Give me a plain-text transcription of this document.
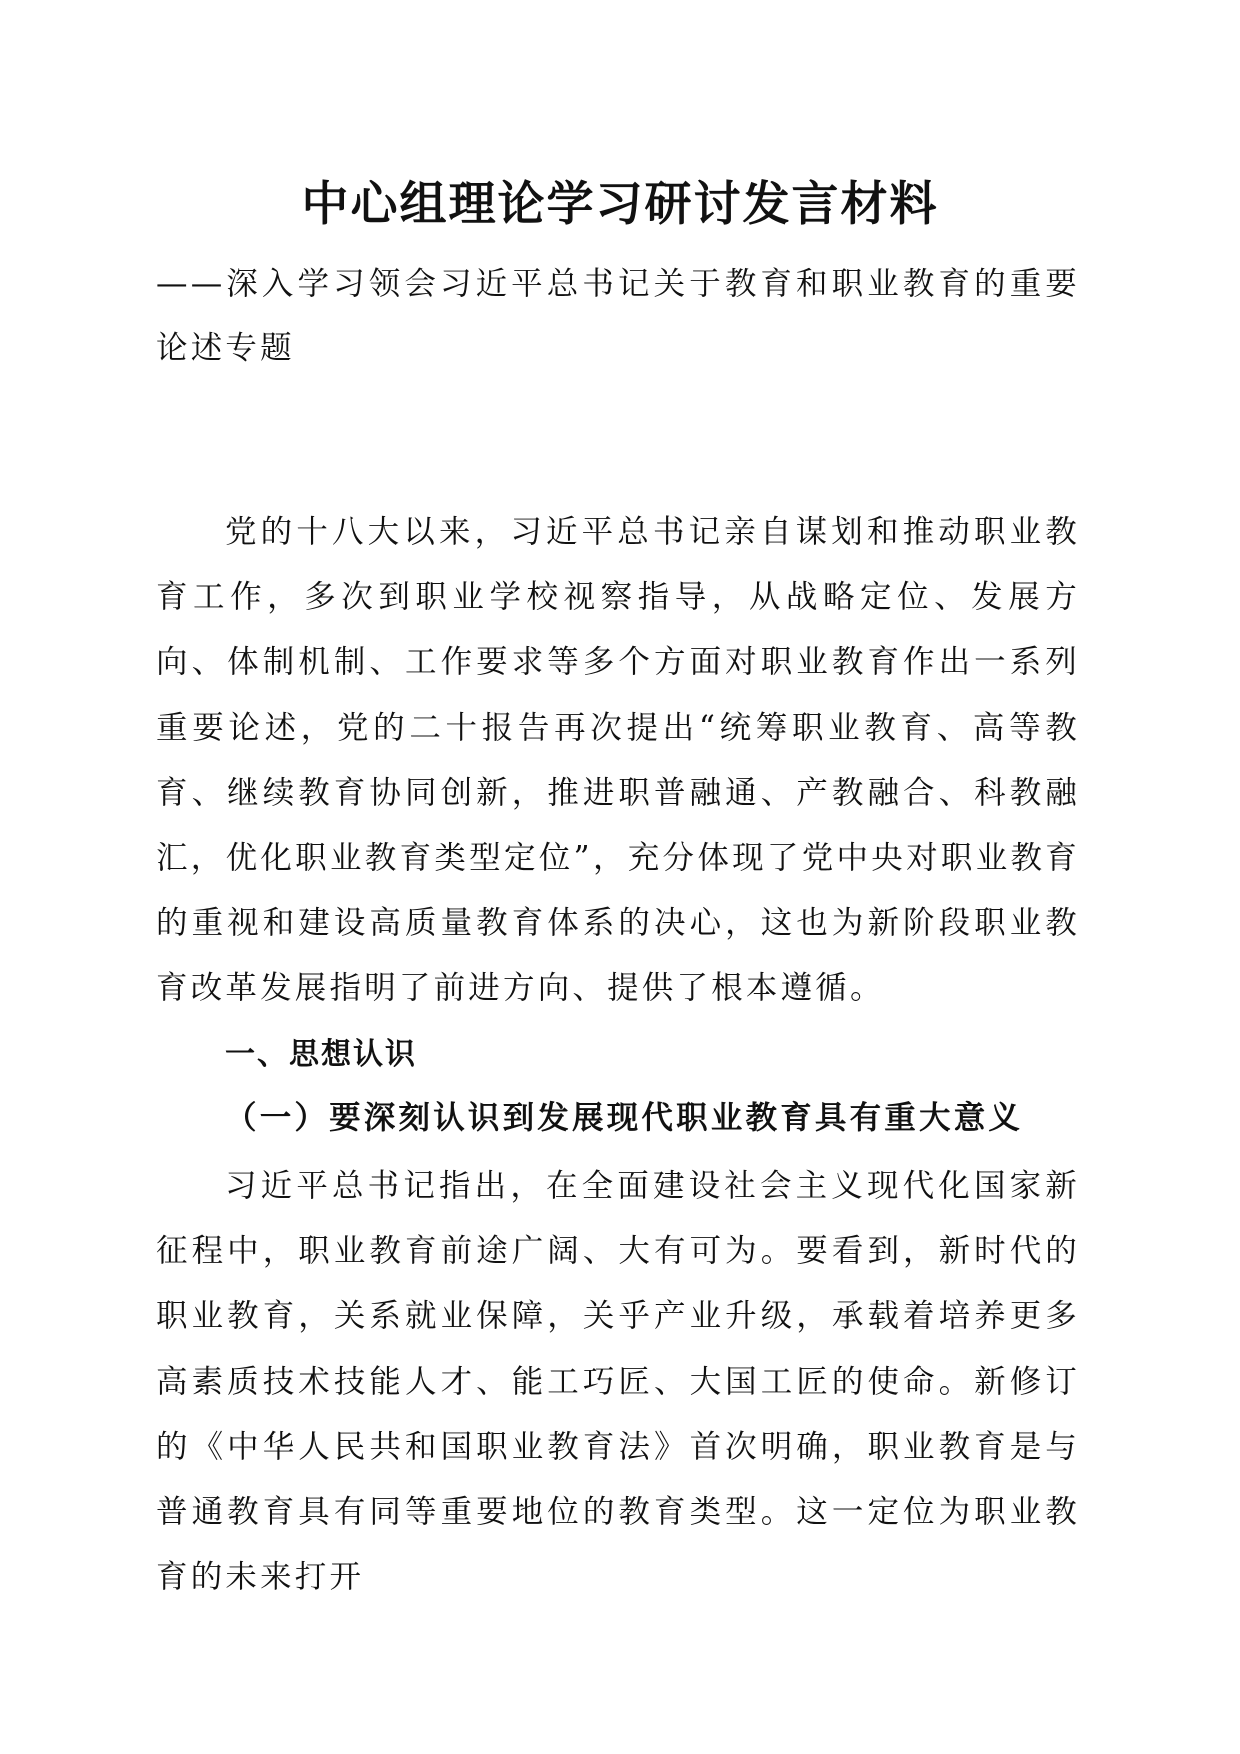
中心组理论学习研讨发言材料

——深入学习领会习近平总书记关于教育和职业教育的重要论述专题

党的十八大以来，习近平总书记亲自谋划和推动职业教育工作，多次到职业学校视察指导，从战略定位、发展方向、体制机制、工作要求等多个方面对职业教育作出一系列重要论述，党的二十报告再次提出“统筹职业教育、高等教育、继续教育协同创新，推进职普融通、产教融合、科教融汇，优化职业教育类型定位”，充分体现了党中央对职业教育的重视和建设高质量教育体系的决心，这也为新阶段职业教育改革发展指明了前进方向、提供了根本遵循。

一、思想认识
（一）要深刻认识到发展现代职业教育具有重大意义

习近平总书记指出，在全面建设社会主义现代化国家新征程中，职业教育前途广阔、大有可为。要看到，新时代的职业教育，关系就业保障，关乎产业升级，承载着培养更多高素质技术技能人才、能工巧匠、大国工匠的使命。新修订的《中华人民共和国职业教育法》首次明确，职业教育是与普通教育具有同等重要地位的教育类型。这一定位为职业教育的未来打开
